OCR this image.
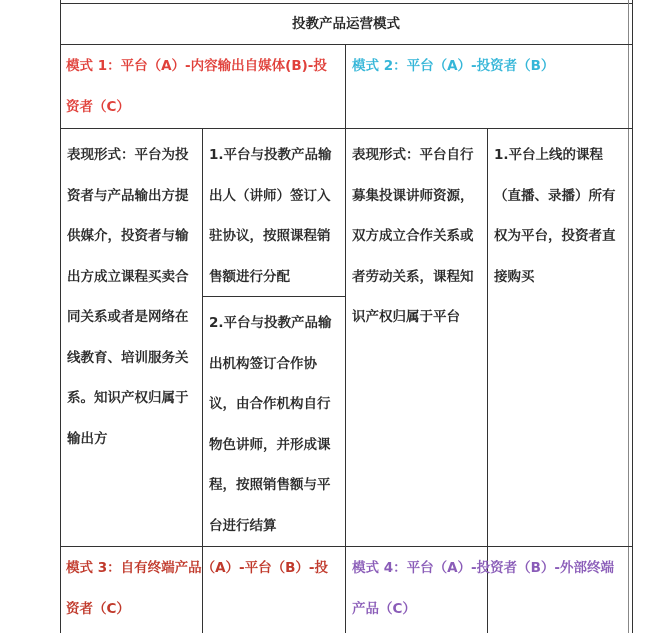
投教产品运营模式
模式 1：平台（A）-内容输出自媒体(B)-投资者（C）
模式 2：平台（A）-投资者（B）
表现形式：平台为投资者与产品输出方提供媒介，投资者与输出方成立课程买卖合同关系或者是网络在线教育、培训服务关系。知识产权归属于输出方
1.平台与投教产品输出人（讲师）签订入驻协议，按照课程销售额进行分配
2.平台与投教产品输出机构签订合作协议，由合作机构自行物色讲师，并形成课程，按照销售额与平台进行结算
表现形式：平台自行募集投课讲师资源，双方成立合作关系或者劳动关系，课程知识产权归属于平台
1.平台上线的课程（直播、录播）所有权为平台，投资者直接购买
模式 3：自有终端产品（A）-平台（B）-投资者（C）
模式 4：平台（A）-投资者（B）-外部终端产品（C）
